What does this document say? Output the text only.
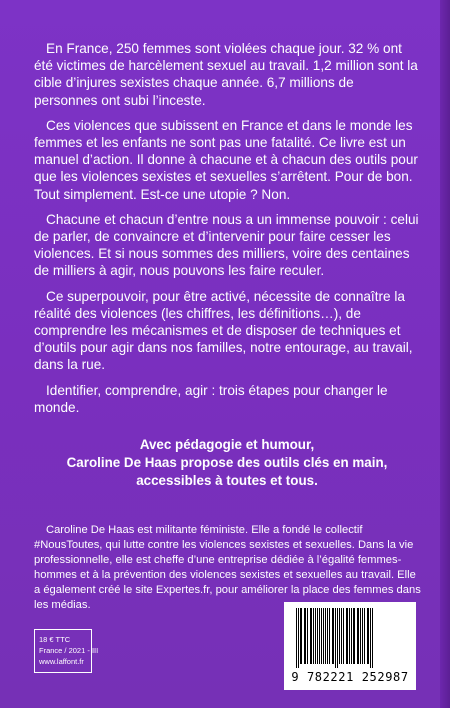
En France, 250 femmes sont violées chaque jour. 32 % ont été victimes de harcèlement sexuel au travail. 1,2 million sont la cible d’injures sexistes chaque année. 6,7 millions de personnes ont subi l’inceste.

Ces violences que subissent en France et dans le monde les femmes et les enfants ne sont pas une fatalité. Ce livre est un manuel d’action. Il donne à chacune et à chacun des outils pour que les violences sexistes et sexuelles s’arrêtent. Pour de bon. Tout simplement. Est-ce une utopie ? Non.

Chacune et chacun d’entre nous a un immense pouvoir : celui de parler, de convaincre et d’intervenir pour faire cesser les violences. Et si nous sommes des milliers, voire des centaines de milliers à agir, nous pouvons les faire reculer.

Ce superpouvoir, pour être activé, nécessite de connaître la réalité des violences (les chiffres, les définitions…), de comprendre les mécanismes et de disposer de techniques et d’outils pour agir dans nos familles, notre entourage, au travail, dans la rue.

Identifier, comprendre, agir : trois étapes pour changer le monde.

Avec pédagogie et humour,
Caroline De Haas propose des outils clés en main,
accessibles à toutes et tous.

Caroline De Haas est militante féministe. Elle a fondé le collectif #NousToutes, qui lutte contre les violences sexistes et sexuelles. Dans la vie professionnelle, elle est cheffe d’une entreprise dédiée à l’égalité femmes-hommes et à la prévention des violences sexistes et sexuelles au travail. Elle a également créé le site Expertes.fr, pour améliorer la place des femmes dans les médias.

18 € TTC
France / 2021 - III
www.laffont.fr
9 782221 252987
